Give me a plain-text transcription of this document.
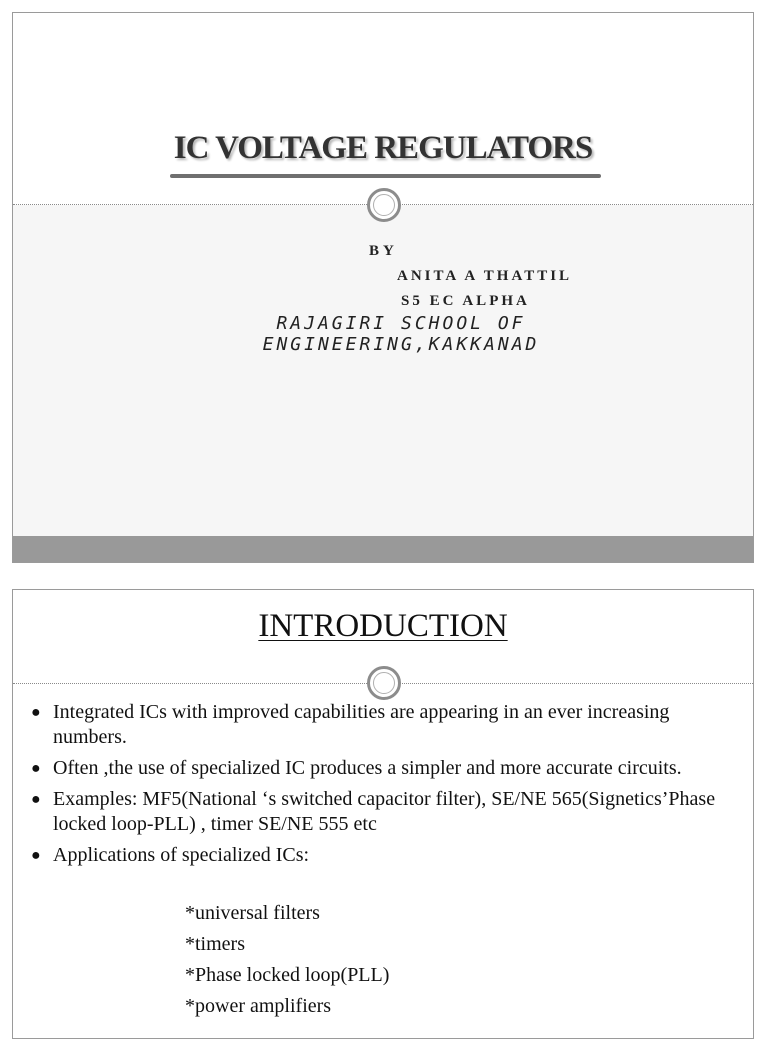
IC VOLTAGE REGULATORS
BY
ANITA A THATTIL
S5 EC ALPHA
RAJAGIRI SCHOOL OF
ENGINEERING,KAKKANAD
INTRODUCTION
● Integrated ICs with improved capabilities are appearing in an ever increasing numbers.
● Often ,the use of specialized IC produces a simpler and more accurate circuits.
● Examples: MF5(National ‘s switched capacitor filter), SE/NE 565(Signetics’Phase locked loop-PLL) , timer SE/NE 555 etc
● Applications of specialized ICs:
*universal filters
*timers
*Phase locked loop(PLL)
*power amplifiers
